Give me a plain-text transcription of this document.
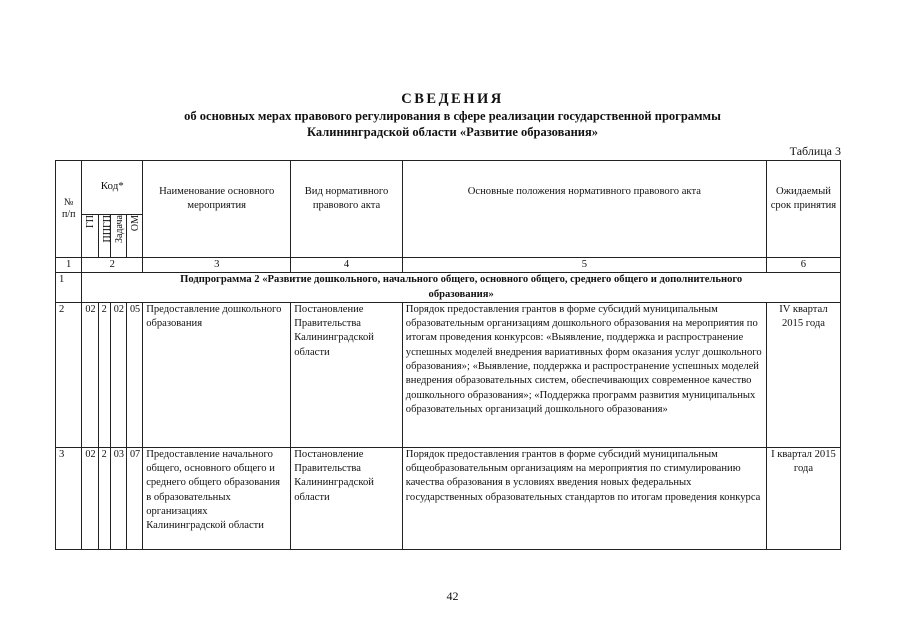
СВЕДЕНИЯ
об основных мерах правового регулирования в сфере реализации государственной программы
Калининградской области «Развитие образования»
Таблица 3
№ п/п	Код*				Наименование основного мероприятия	Вид нормативного правового акта	Основные положения нормативного правового акта	Ожидаемый срок принятия
	ГП	ППГП	Задача	ОМ				
1	2				3	4	5	6
1	Подпрограмма 2 «Развитие дошкольного, начального общего, основного общего, среднего общего и дополнительного образования»							
2	02	2	02	05	Предоставление дошкольного образования	Постановление Правительства Калининградской области	Порядок предоставления грантов в форме субсидий муниципальным образовательным организациям дошкольного образования на мероприятия по итогам проведения конкурсов: «Выявление, поддержка и распространение успешных моделей внедрения вариативных форм оказания услуг дошкольного образования»; «Выявление, поддержка и распространение успешных моделей внедрения образовательных систем, обеспечивающих современное качество дошкольного образования»; «Поддержка программ развития муниципальных образовательных организаций дошкольного образования»	IV квартал 2015 года
3	02	2	03	07	Предоставление начального общего, основного общего и среднего общего образования в образовательных организациях Калининградской области	Постановление Правительства Калининградской области	Порядок предоставления грантов в форме субсидий муниципальным общеобразовательным организациям на мероприятия по стимулированию качества образования в условиях введения новых федеральных государственных образовательных стандартов по итогам проведения конкурса	I квартал 2015 года
42
